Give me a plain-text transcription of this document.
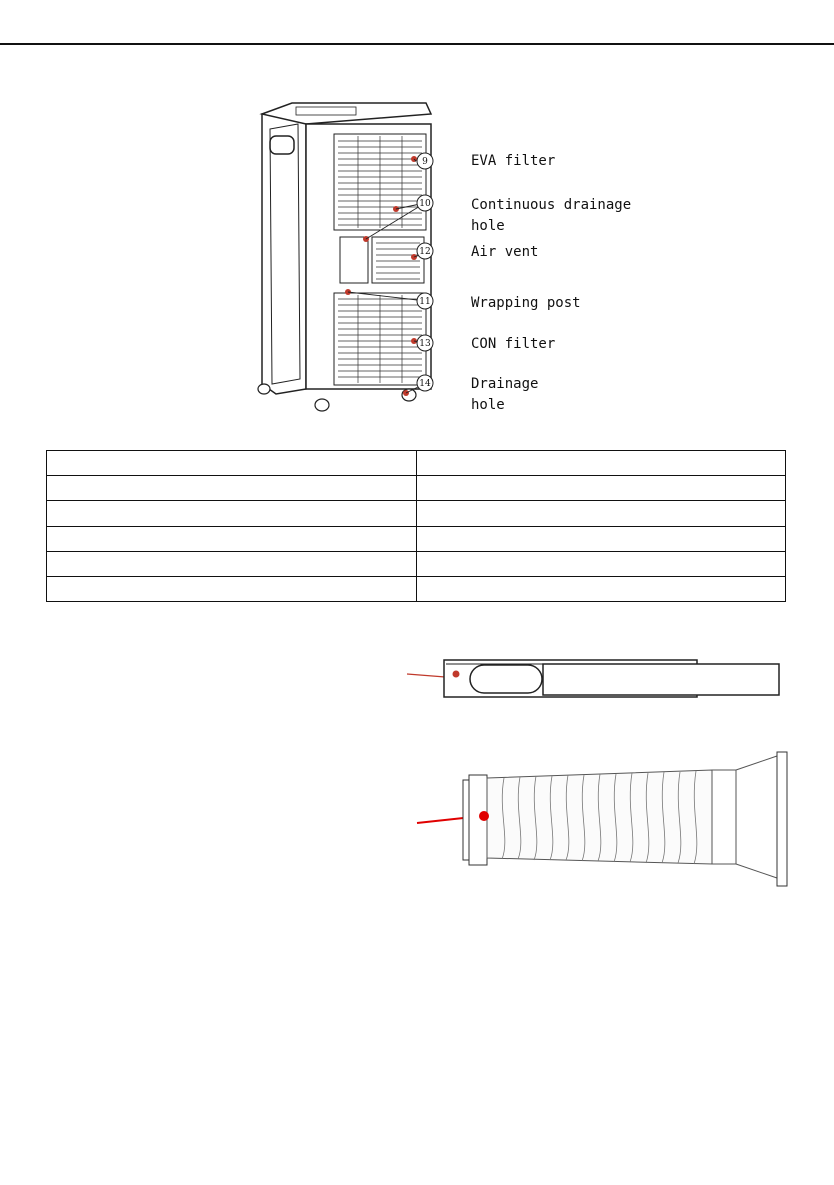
9
10
12
11
13
14
EVA filter
Continuous drainage
hole
Air vent
Wrapping post
CON filter
Drainage
hole
